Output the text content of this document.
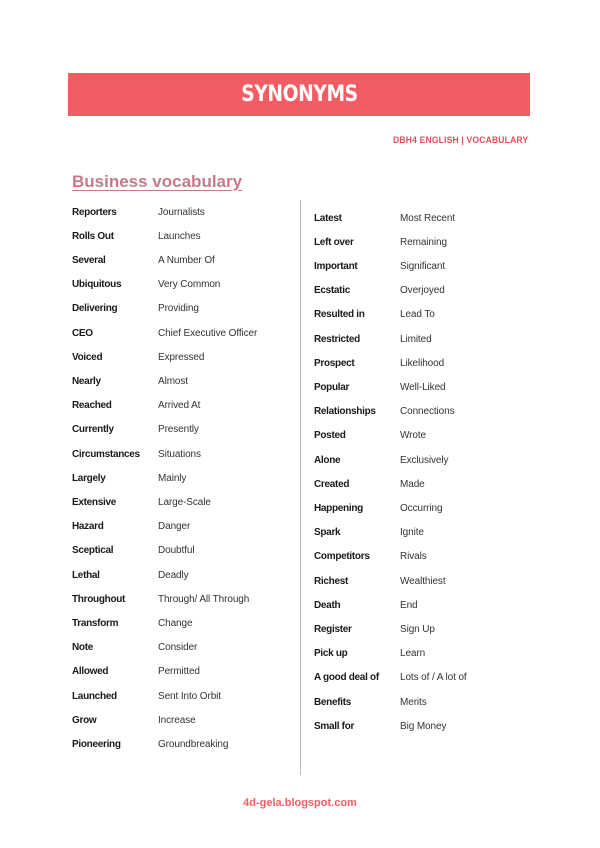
SYNONYMS
DBH4 ENGLISH | VOCABULARY
Business vocabulary
Reporters	Journalists
Rolls Out	Launches
Several	A Number Of
Ubiquitous	Very Common
Delivering	Providing
CEO	Chief Executive Officer
Voiced	Expressed
Nearly	Almost
Reached	Arrived At
Currently	Presently
Circumstances	Situations
Largely	Mainly
Extensive	Large-Scale
Hazard	Danger
Sceptical	Doubtful
Lethal	Deadly
Throughout	Through/ All Through
Transform	Change
Note	Consider
Allowed	Permitted
Launched	Sent Into Orbit
Grow	Increase
Pioneering	Groundbreaking
Latest	Most Recent
Left over	Remaining
Important	Significant
Ecstatic	Overjoyed
Resulted in	Lead To
Restricted	Limited
Prospect	Likelihood
Popular	Well-Liked
Relationships	Connections
Posted	Wrote
Alone	Exclusively
Created	Made
Happening	Occurring
Spark	Ignite
Competitors	Rivals
Richest	Wealthiest
Death	End
Register	Sign Up
Pick up	Learn
A good deal of	Lots of / A lot of
Benefits	Merits
Small for	Big Money
4d-gela.blogspot.com
